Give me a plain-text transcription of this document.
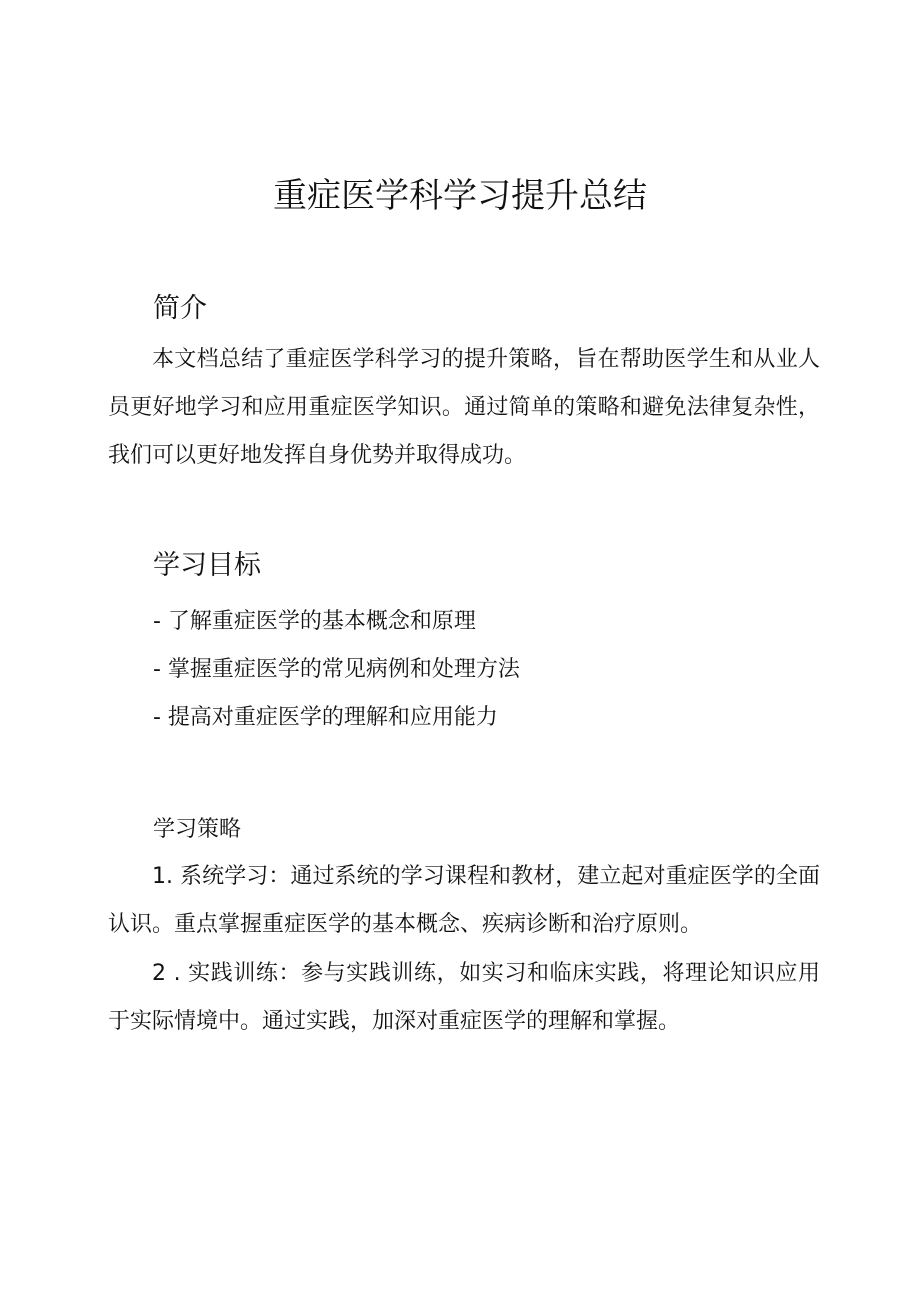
重症医学科学习提升总结
简介

本文档总结了重症医学科学习的提升策略，旨在帮助医学生和从业人员更好地学习和应用重症医学知识。通过简单的策略和避免法律复杂性，我们可以更好地发挥自身优势并取得成功。

学习目标
- 了解重症医学的基本概念和原理
- 掌握重症医学的常见病例和处理方法
- 提高对重症医学的理解和应用能力
学习策略

1. 系统学习：通过系统的学习课程和教材，建立起对重症医学的全面认识。重点掌握重症医学的基本概念、疾病诊断和治疗原则。

2 . 实践训练：参与实践训练，如实习和临床实践，将理论知识应用于实际情境中。通过实践，加深对重症医学的理解和掌握。
